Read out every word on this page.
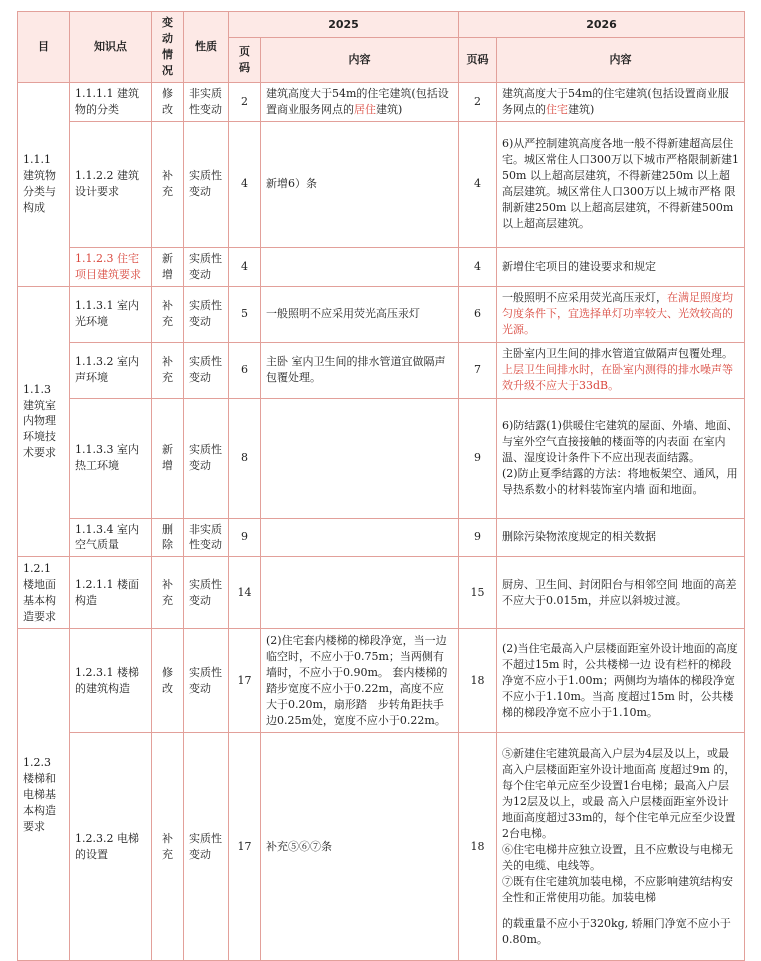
目	知识点	变动情况	性质	2025		2026	
				页码	内容	页码	内容
1.1.1 建筑物分类与构成	1.1.1.1 建筑物的分类	修改	非实质性变动	2	建筑高度大于54m的住宅建筑(包括设置商业服务网点的居住建筑)	2	建筑高度大于54m的住宅建筑(包括设置商业服务网点的住宅建筑)
	1.1.2.2 建筑设计要求	补充	实质性变动	4	新增6）条	4	6)从严控制建筑高度各地一般不得新建超高层住宅。城区常住人口300万以下城市严格限制新建150m 以上超高层建筑，不得新建250m 以上超高层建筑。城区常住人口300万以上城市严格 限制新建250m 以上超高层建筑，不得新建500m 以上超高层建筑。
	1.1.2.3 住宅项目建筑要求	新增	实质性变动	4		4	新增住宅项目的建设要求和规定
1.1.3 建筑室内物理环境技术要求	1.1.3.1 室内光环境	补充	实质性变动	5	一般照明不应采用荧光高压汞灯	6	一般照明不应采用荧光高压汞灯，在满足照度均匀度条件下，宜选择单灯功率较大、光效较高的光源。
	1.1.3.2 室内声环境	补充	实质性变动	6	主卧 室内卫生间的排水管道宜做隔声包覆处理。	7	主卧室内卫生间的排水管道宜做隔声包覆处理。上层卫生间排水时，在卧室内测得的排水噪声等效升级不应大于33dB。
	1.1.3.3 室内热工环境	新增	实质性变动	8		9	6)防结露(1)供暖住宅建筑的屋面、外墙、地面、与室外空气直接接触的楼面等的内表面 在室内温、湿度设计条件下不应出现表面结露。
(2)防止夏季结露的方法：将地板架空、通风，用导热系数小的材料装饰室内墙 面和地面。

	1.1.3.4 室内空气质量	删除	非实质性变动	9		9	删除污染物浓度规定的相关数据
1.2.1 楼地面基本构造要求	1.2.1.1 楼面构造	补充	实质性变动	14		15	厨房、卫生间、封闭阳台与相邻空间 地面的高差不应大于0.015m，并应以斜坡过渡。
1.2.3 楼梯和电梯基本构造要求	1.2.3.1 楼梯的建筑构造	修改	实质性变动	17	(2)住宅套内楼梯的梯段净宽，当一边临空时，不应小于0.75m；当两侧有墙时，不应小于0.90m。 套内楼梯的踏步宽度不应小于0.22m，高度不应大于0.20m，扇形踏　步转角距扶手边0.25m处，宽度不应小于0.22m。	18	(2)当住宅最高入户层楼面距室外设计地面的高度不超过15m 时，公共楼梯一边 设有栏杆的梯段净宽不应小于1.00m；两侧均为墙体的梯段净宽不应小于1.10m。当高 度超过15m 时，公共楼梯的梯段净宽不应小于1.10m。
	1.2.3.2 电梯的设置	补充	实质性变动	17	补充⑤⑥⑦条	18	⑤新建住宅建筑最高入户层为4层及以上，或最高入户层楼面距室外设计地面高 度超过9m 的，每个住宅单元应至少设置1台电梯；最高入户层为12层及以上，或最 高入户层楼面距室外设计地面高度超过33m的，每个住宅单元应至少设置2台电梯。
⑥住宅电梯井应独立设置，且不应敷设与电梯无关的电缆、电线等。
⑦既有住宅建筑加装电梯，不应影响建筑结构安全性和正常使用功能。加装电梯
的载重量不应小于320kg, 轿厢门净宽不应小于0.80m。
